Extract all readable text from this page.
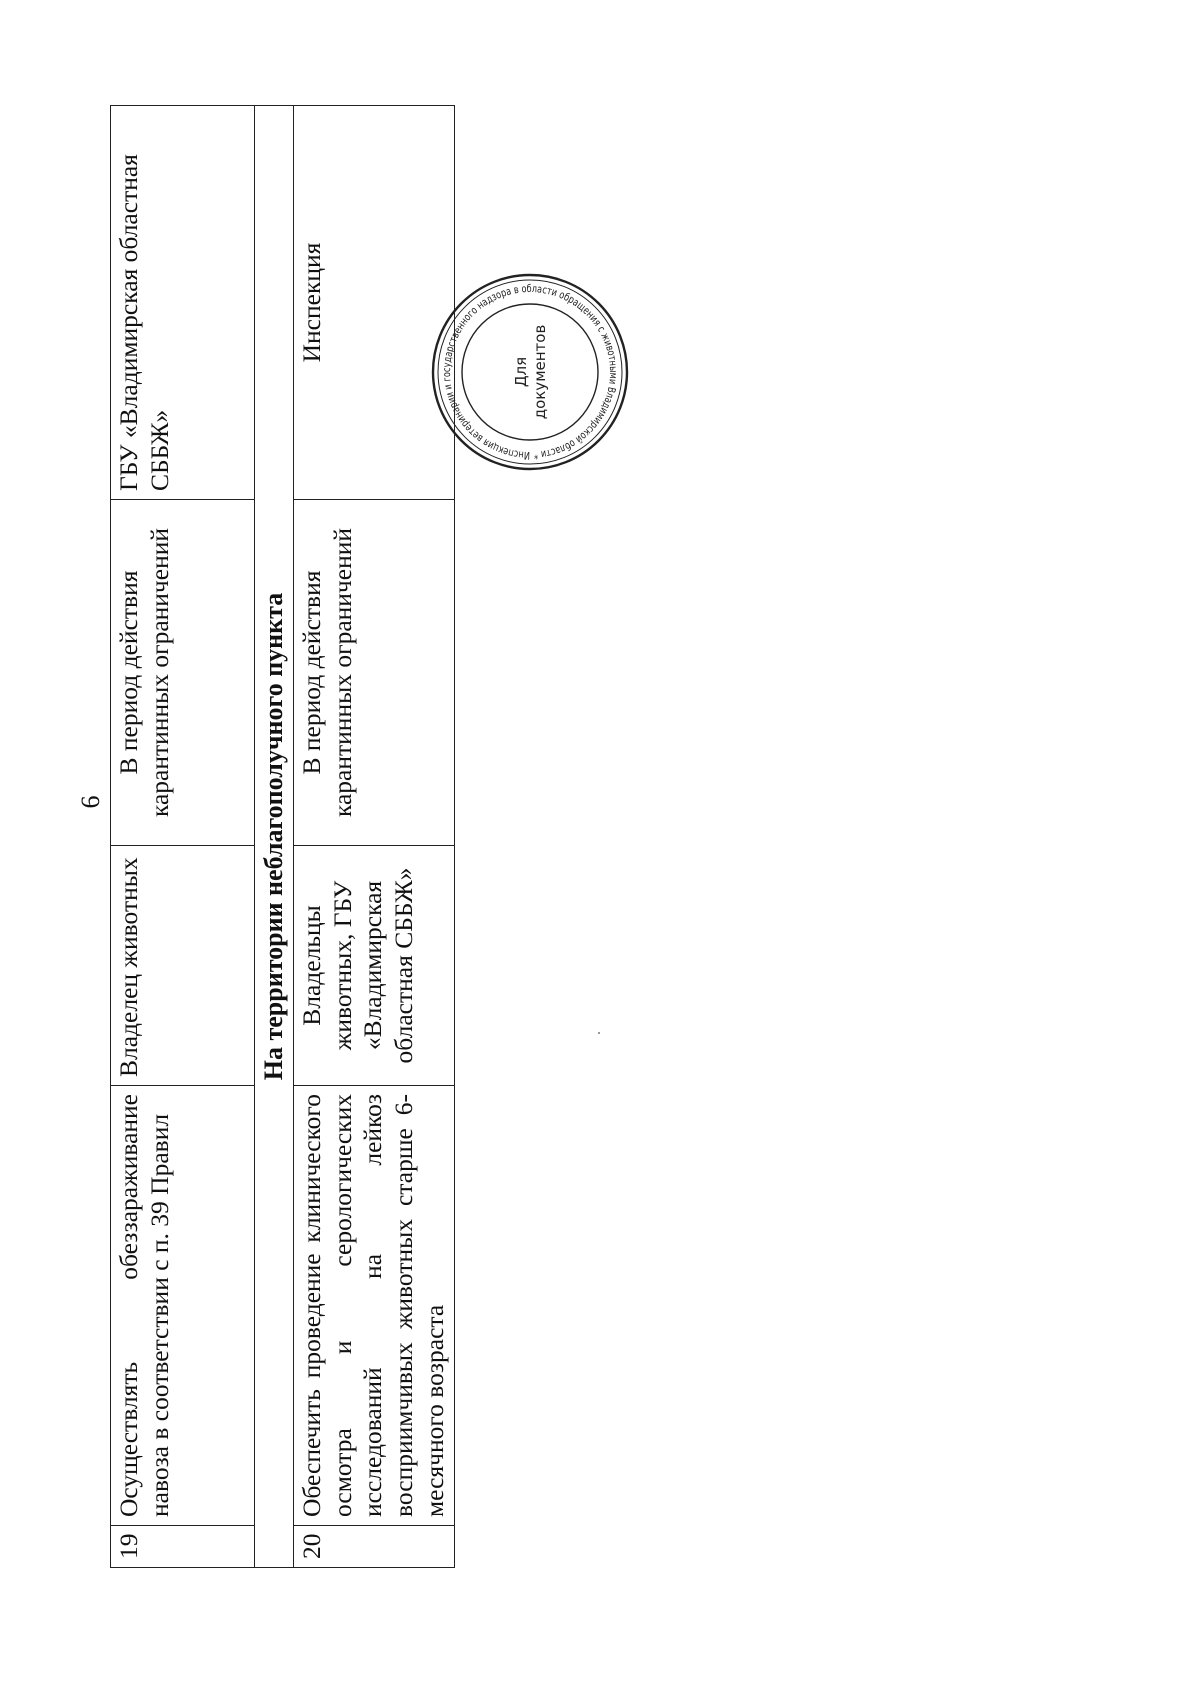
6
19	Осуществлять обеззараживание навоза в соответствии с п. 39 Правил	Владелец животных	В период действия карантинных ограничений	ГБУ «Владимирская областная СББЖ»
На территории неблагополучного пункта				
20	Обеспечить проведение клинического осмотра и серологических исследований на лейкоз восприимчивых животных старше 6-месячного возраста	Владельцы животных, ГБУ «Владимирская областная СББЖ»	В период действия карантинных ограничений	Инспекция
Инспекция ветеринарии и государственного надзора в области обращения с животными Владимирской области *
Для документов
